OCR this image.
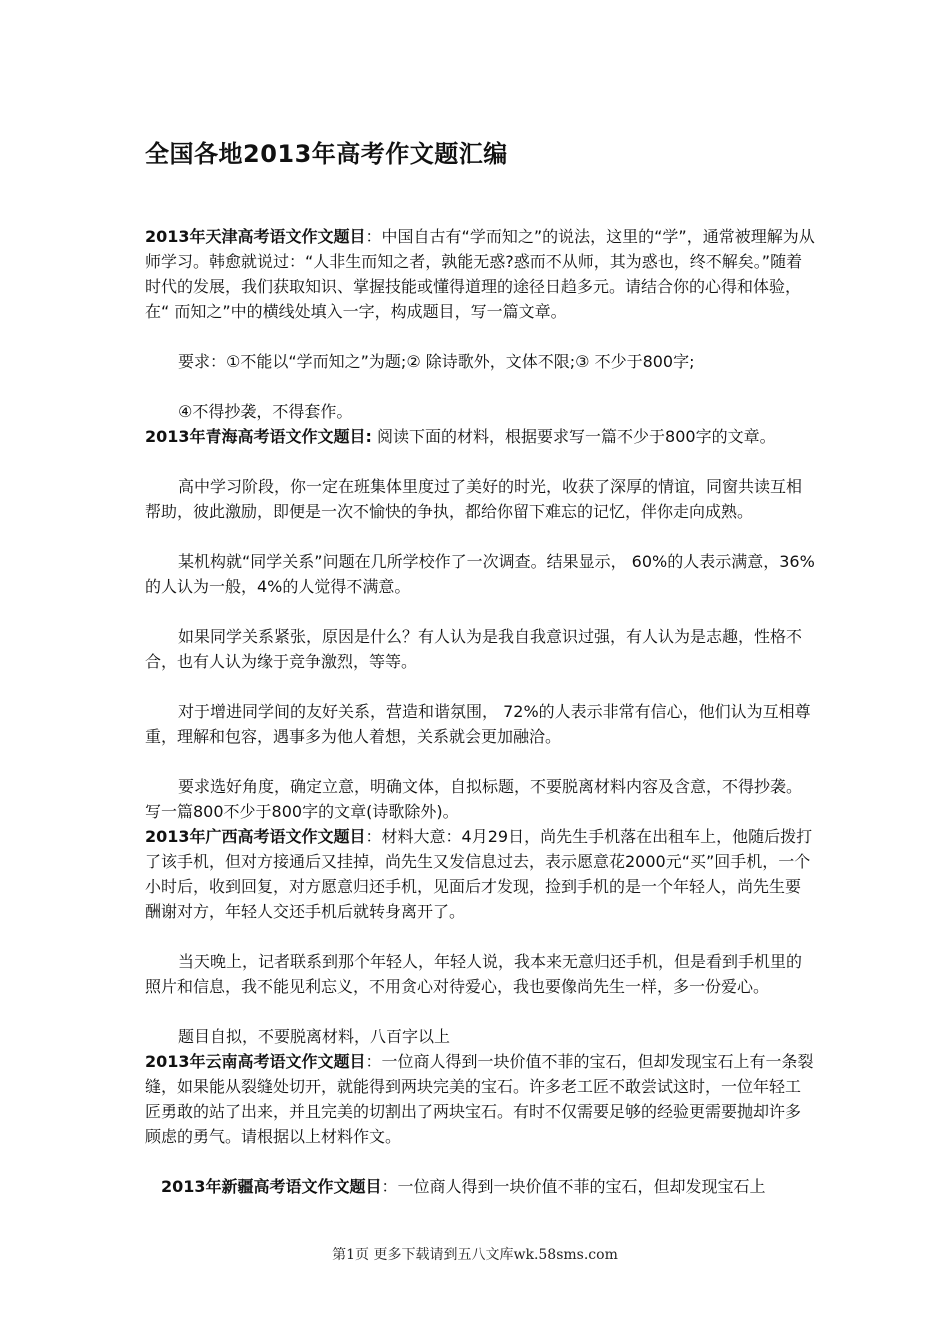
全国各地2013年高考作文题汇编

2013年天津高考语文作文题目：中国自古有“学而知之”的说法，这里的“学”，通常被理解为从师学习。韩愈就说过：“人非生而知之者，孰能无惑?惑而不从师，其为惑也，终不解矣。”随着时代的发展，我们获取知识、掌握技能或懂得道理的途径日趋多元。请结合你的心得和体验，在“ 而知之”中的横线处填入一字，构成题目，写一篇文章。

要求：①不能以“学而知之”为题;② 除诗歌外，文体不限;③ 不少于800字;

④不得抄袭，不得套作。

2013年青海高考语文作文题目: 阅读下面的材料，根据要求写一篇不少于800字的文章。

高中学习阶段，你一定在班集体里度过了美好的时光，收获了深厚的情谊，同窗共读互相帮助，彼此激励，即便是一次不愉快的争执，都给你留下难忘的记忆，伴你走向成熟。

某机构就“同学关系”问题在几所学校作了一次调查。结果显示， 60%的人表示满意，36%的人认为一般，4%的人觉得不满意。

如果同学关系紧张，原因是什么？有人认为是我自我意识过强，有人认为是志趣，性格不合，也有人认为缘于竞争激烈，等等。

对于增进同学间的友好关系，营造和谐氛围， 72%的人表示非常有信心，他们认为互相尊重，理解和包容，遇事多为他人着想，关系就会更加融洽。

要求选好角度，确定立意，明确文体，自拟标题，不要脱离材料内容及含意，不得抄袭。写一篇800不少于800字的文章(诗歌除外)。

2013年广西高考语文作文题目：材料大意：4月29日，尚先生手机落在出租车上，他随后拨打了该手机，但对方接通后又挂掉，尚先生又发信息过去，表示愿意花2000元“买”回手机，一个小时后，收到回复，对方愿意归还手机，见面后才发现，捡到手机的是一个年轻人，尚先生要酬谢对方，年轻人交还手机后就转身离开了。

当天晚上，记者联系到那个年轻人，年轻人说，我本来无意归还手机，但是看到手机里的照片和信息，我不能见利忘义，不用贪心对待爱心，我也要像尚先生一样，多一份爱心。

题目自拟，不要脱离材料，八百字以上

2013年云南高考语文作文题目：一位商人得到一块价值不菲的宝石，但却发现宝石上有一条裂缝，如果能从裂缝处切开，就能得到两块完美的宝石。许多老工匠不敢尝试这时，一位年轻工匠勇敢的站了出来，并且完美的切割出了两块宝石。有时不仅需要足够的经验更需要抛却许多顾虑的勇气。请根据以上材料作文。

2013年新疆高考语文作文题目：一位商人得到一块价值不菲的宝石，但却发现宝石上

第1页 更多下载请到五八文库wk.58sms.com
